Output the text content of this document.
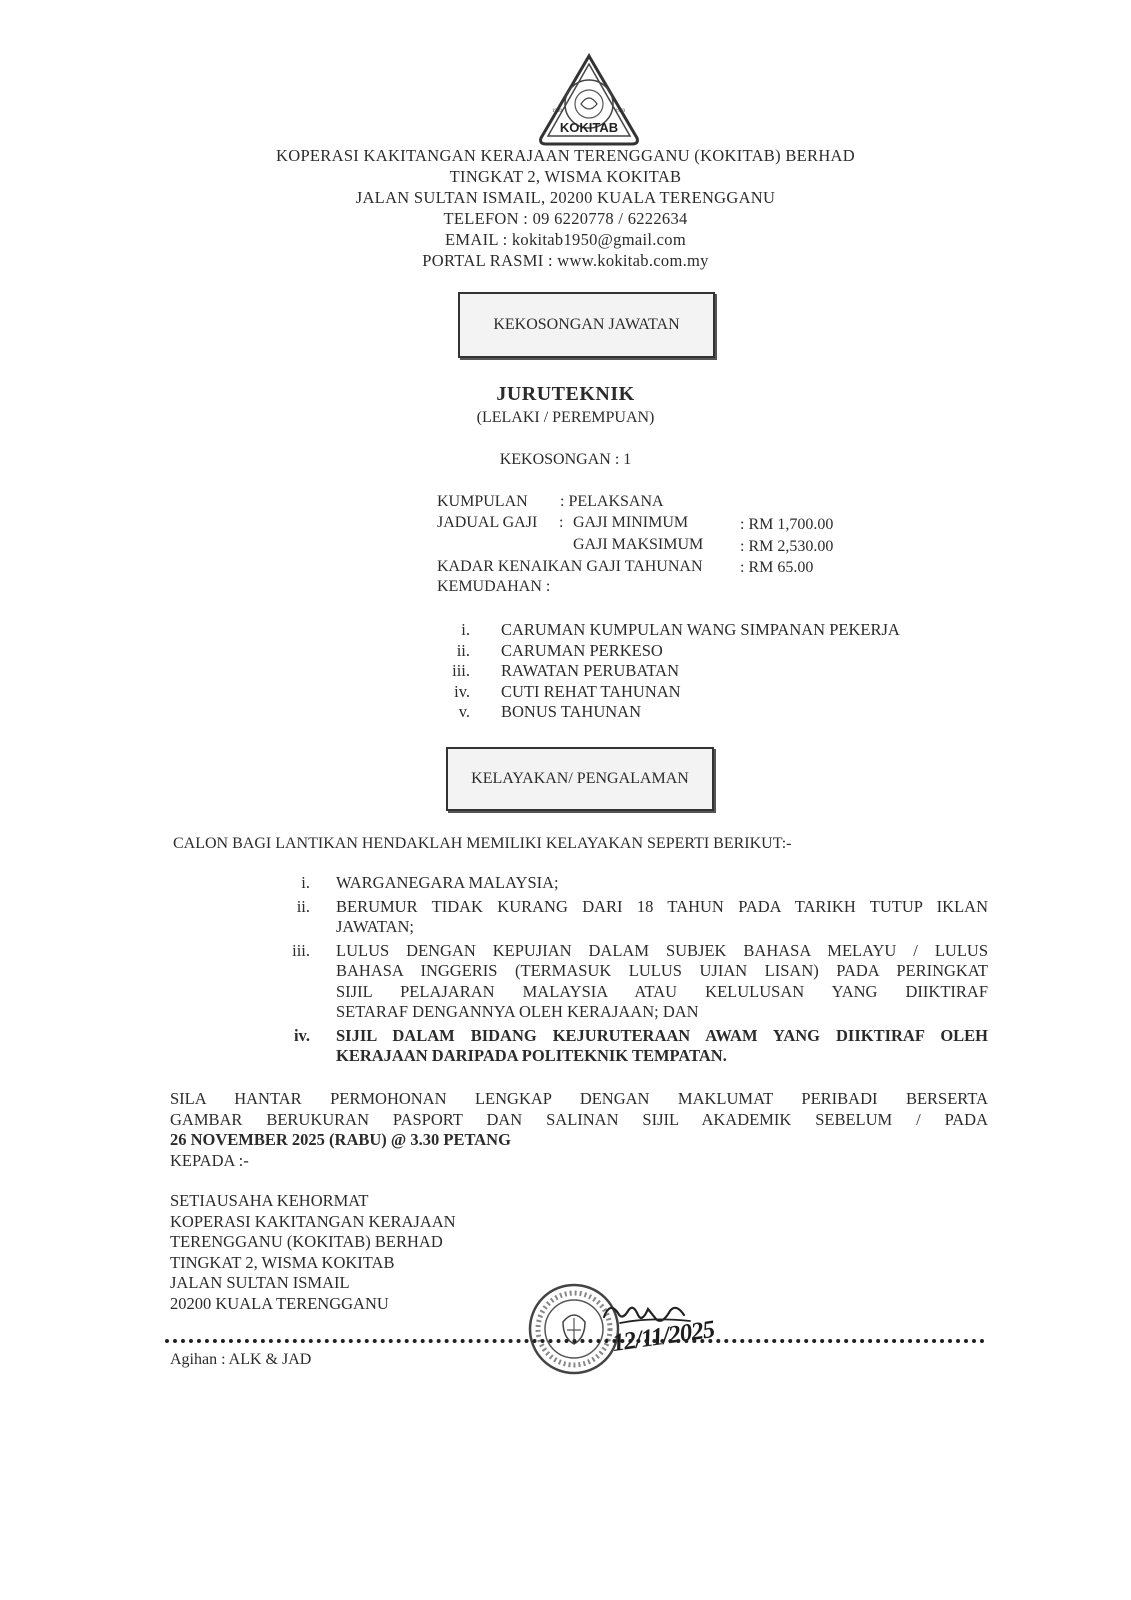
1950	1970
KOKITAB
KOPERASI KAKITANGAN KERAJAAN TERENGGANU (KOKITAB) BERHAD
TINGKAT 2, WISMA KOKITAB
JALAN SULTAN ISMAIL, 20200 KUALA TERENGGANU
TELEFON : 09 6220778 / 6222634
EMAIL : kokitab1950@gmail.com
PORTAL RASMI : www.kokitab.com.my
KEKOSONGAN JAWATAN
JURUTEKNIK
(LELAKI / PEREMPUAN)
KEKOSONGAN : 1
KUMPULAN : PELAKSANA
JADUAL GAJI : GAJI MINIMUM	: RM 1,700.00
GAJI MAKSIMUM : RM 2,530.00
KADAR KENAIKAN GAJI TAHUNAN : RM 65.00
KEMUDAHAN :
i. CARUMAN KUMPULAN WANG SIMPANAN PEKERJA
ii. CARUMAN PERKESO
iii. RAWATAN PERUBATAN
iv. CUTI REHAT TAHUNAN
v. BONUS TAHUNAN
KELAYAKAN/ PENGALAMAN
CALON BAGI LANTIKAN HENDAKLAH MEMILIKI KELAYAKAN SEPERTI BERIKUT:-
i. WARGANEGARA MALAYSIA;
ii. BERUMUR TIDAK KURANG DARI 18 TAHUN PADA TARIKH TUTUP IKLAN
JAWATAN;
iii. LULUS DENGAN KEPUJIAN DALAM SUBJEK BAHASA MELAYU / LULUS
BAHASA INGGERIS (TERMASUK LULUS UJIAN LISAN) PADA PERINGKAT
SIJIL PELAJARAN MALAYSIA ATAU KELULUSAN YANG DIIKTIRAF
SETARAF DENGANNYA OLEH KERAJAAN; DAN
iv. SIJIL DALAM BIDANG KEJURUTERAAN AWAM YANG DIIKTIRAF OLEH
KERAJAAN DARIPADA POLITEKNIK TEMPATAN.
SILA HANTAR PERMOHONAN LENGKAP DENGAN MAKLUMAT PERIBADI BERSERTA
GAMBAR BERUKURAN PASPORT DAN SALINAN SIJIL AKADEMIK SEBELUM / PADA
26 NOVEMBER 2025 (RABU) @ 3.30 PETANG
KEPADA :-
SETIAUSAHA KEHORMAT
KOPERASI KAKITANGAN KERAJAAN
TERENGGANU (KOKITAB) BERHAD
TINGKAT 2, WISMA KOKITAB
JALAN SULTAN ISMAIL
20200 KUALA TERENGGANU
12/11/2025
Agihan : ALK & JAD
